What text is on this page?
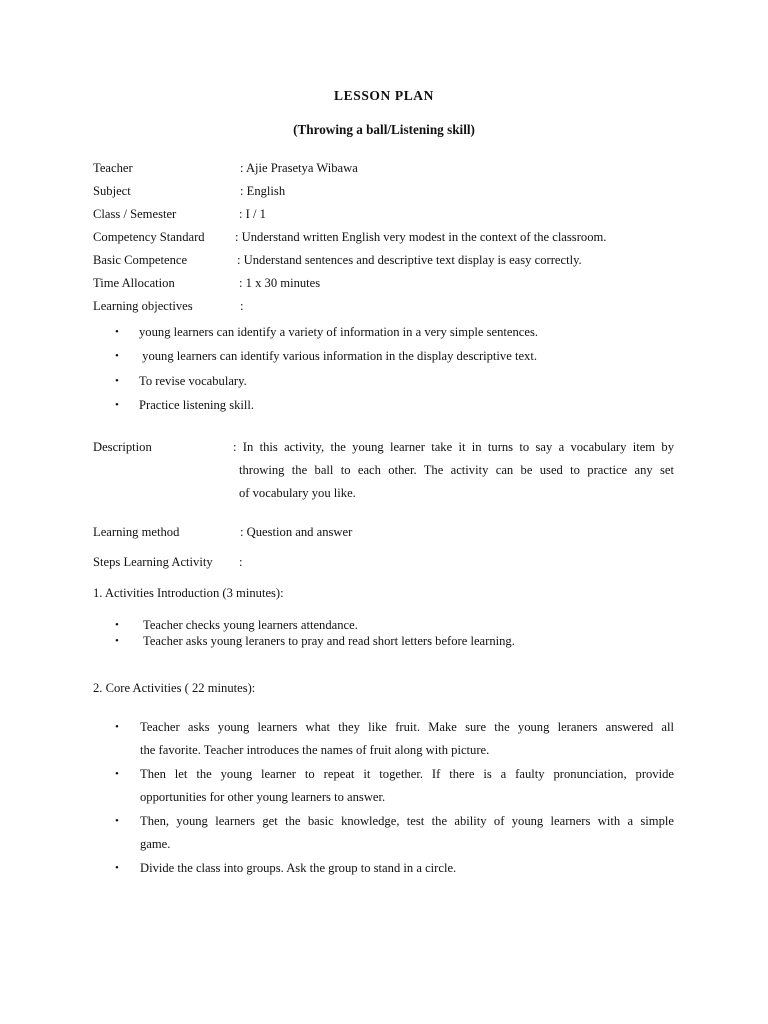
LESSON PLAN
(Throwing a ball/Listening skill)
Teacher	: Ajie Prasetya Wibawa
Subject	: English
Class / Semester	: I / 1
Competency Standard : Understand written English very modest in the context of the classroom.
Basic Competence	: Understand sentences and descriptive text display is easy correctly.
Time Allocation	: 1 x 30 minutes
Learning objectives	:
• young learners can identify a variety of information in a very simple sentences.
• young learners can identify various information in the display descriptive text.
• To revise vocabulary.
• Practice listening skill.
Description	: In this activity, the young learner take it in turns to say a vocabulary item by
throwing the ball to each other. The activity can be used to practice any set
of vocabulary you like.
Learning method	: Question and answer
Steps Learning Activity :
1. Activities Introduction (3 minutes):
• Teacher checks young learners attendance.
• Teacher asks young leraners to pray and read short letters before learning.
2. Core Activities ( 22 minutes):
• Teacher asks young learners what they like fruit. Make sure the young leraners answered all
the favorite. Teacher introduces the names of fruit along with picture.
• Then let the young learner to repeat it together. If there is a faulty pronunciation, provide
opportunities for other young learners to answer.
• Then, young learners get the basic knowledge, test the ability of young learners with a simple
game.
• Divide the class into groups. Ask the group to stand in a circle.
